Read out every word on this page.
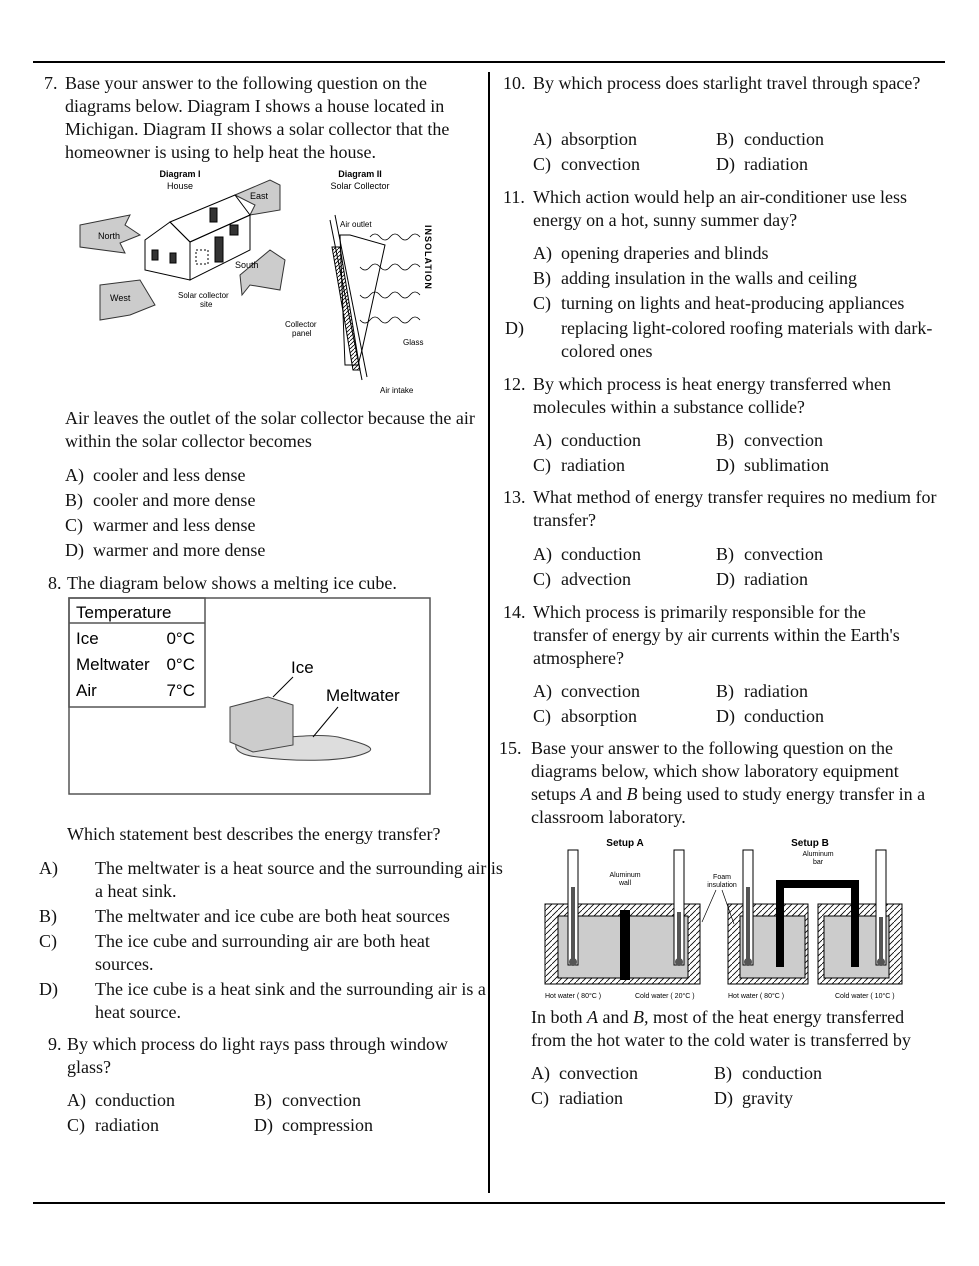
7. Base your answer to the following question on the diagrams below. Diagram I shows a house located in Michigan. Diagram II shows a solar collector that the homeowner is using to help heat the house.
Diagram I
House
Diagram II
Solar Collector
North
East
South
West	Solar collector
site
Air outlet
Air intake
Collector
panel
Glass
INSOLATION
Air leaves the outlet of the solar collector because the air within the solar collector becomes
A) cooler and less dense
B) cooler and more dense
C) warmer and less dense
D) warmer and more dense
8. The diagram below shows a melting ice cube.
Temperature
Ice	0°C
Meltwater 0°C
Air	7°C
Ice
Meltwater
Which statement best describes the energy transfer?
A) The meltwater is a heat source and the surrounding air is a heat sink.
B) The meltwater and ice cube are both heat sources
C) The ice cube and surrounding air are both heat sources.
D) The ice cube is a heat sink and the surrounding air is a heat source.
9. By which process do light rays pass through window glass?
A) conduction	B) convection
C) radiation	D) compression
10. By which process does starlight travel through space?
A) absorption	B) conduction
C) convection	D) radiation
11. Which action would help an air-conditioner use less energy on a hot, sunny summer day?
A) opening draperies and blinds
B) adding insulation in the walls and ceiling
C) turning on lights and heat-producing appliances
D) replacing light-colored roofing materials with dark-colored ones
12. By which process is heat energy transferred when molecules within a substance collide?
A) conduction	B) convection
C) radiation	D) sublimation
13. What method of energy transfer requires no medium for transfer?
A) conduction	B) convection
C) advection	D) radiation
14. Which process is primarily responsible for the transfer of energy by air currents within the Earth's atmosphere?
A) convection	B) radiation
C) absorption	D) conduction
15. Base your answer to the following question on the diagrams below, which show laboratory equipment setups A and B being used to study energy transfer in a classroom laboratory.
Setup A	Setup B
Aluminum
wall
Aluminum
bar
Foam
insulation
Hot water ( 80°C )	Cold water ( 20°C )	Hot water ( 80°C )	Cold water ( 10°C )
In both A and B, most of the heat energy transferred from the hot water to the cold water is transferred by
A) convection	B) conduction
C) radiation	D) gravity
